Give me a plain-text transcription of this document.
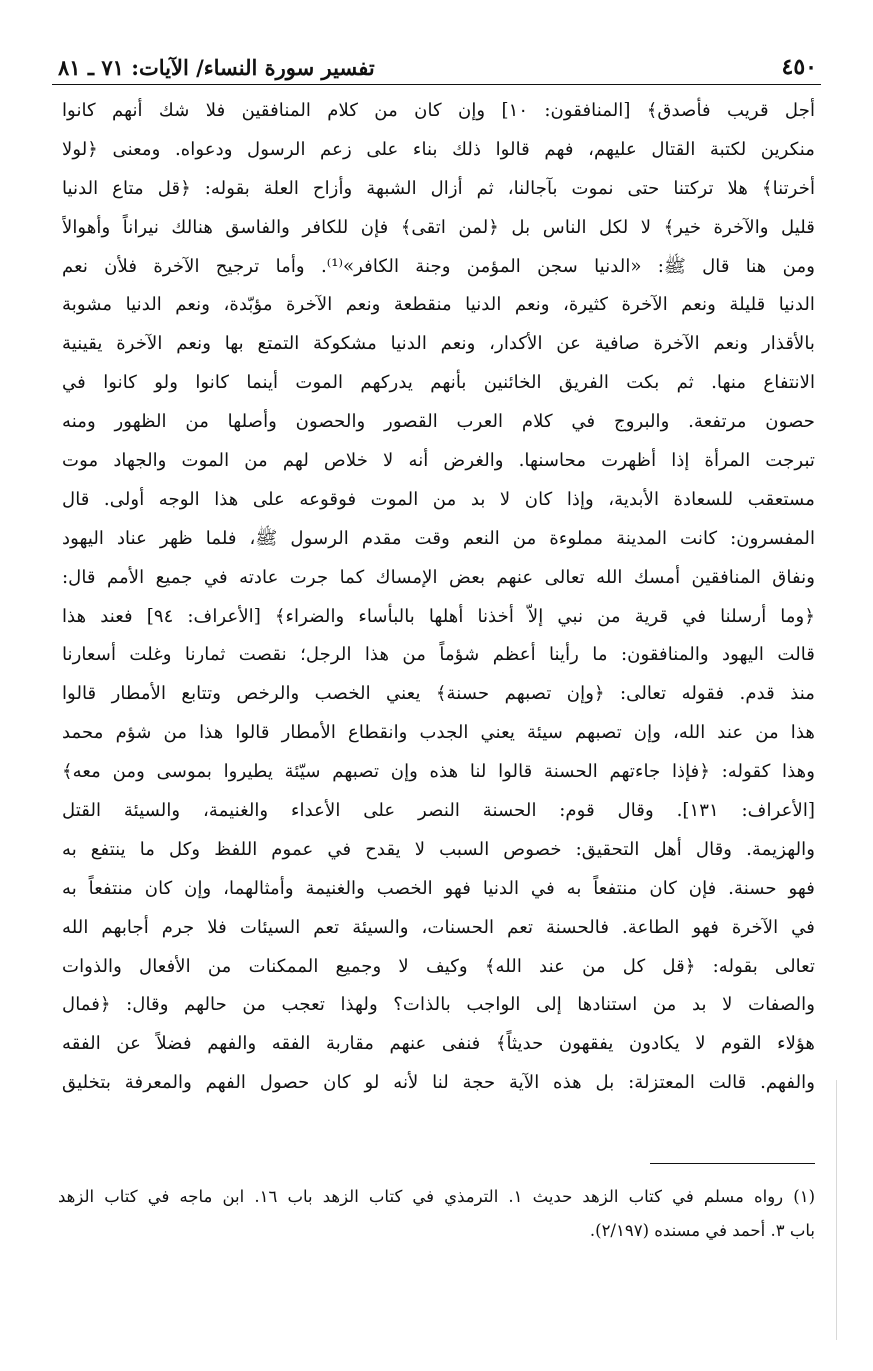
٤٥٠
تفسير سورة النساء/ الآيات: ٧١ ـ ٨١
أجل قريب فأصدق﴾ [المنافقون: ١٠] وإن كان من كلام المنافقين فلا شك أنهم كانوا
منكرين لكتبة القتال عليهم، فهم قالوا ذلك بناء على زعم الرسول ودعواه. ومعنى ﴿لولا
أخرتنا﴾ هلا تركتنا حتى نموت بآجالنا، ثم أزال الشبهة وأزاح العلة بقوله: ﴿قل متاع الدنيا
قليل والآخرة خير﴾ لا لكل الناس بل ﴿لمن اتقى﴾ فإن للكافر والفاسق هنالك نيراناً وأهوالاً
ومن هنا قال ﷺ: «الدنيا سجن المؤمن وجنة الكافر»⁽¹⁾. وأما ترجيح الآخرة فلأن نعم
الدنيا قليلة ونعم الآخرة كثيرة، ونعم الدنيا منقطعة ونعم الآخرة مؤبّدة، ونعم الدنيا مشوبة
بالأقذار ونعم الآخرة صافية عن الأكدار، ونعم الدنيا مشكوكة التمتع بها ونعم الآخرة يقينية
الانتفاع منها. ثم بكت الفريق الخائنين بأنهم يدركهم الموت أينما كانوا ولو كانوا في
حصون مرتفعة. والبروج في كلام العرب القصور والحصون وأصلها من الظهور ومنه
تبرجت المرأة إذا أظهرت محاسنها. والغرض أنه لا خلاص لهم من الموت والجهاد موت
مستعقب للسعادة الأبدية، وإذا كان لا بد من الموت فوقوعه على هذا الوجه أولى. قال
المفسرون: كانت المدينة مملوءة من النعم وقت مقدم الرسول ﷺ، فلما ظهر عناد اليهود
ونفاق المنافقين أمسك الله تعالى عنهم بعض الإمساك كما جرت عادته في جميع الأمم قال:
﴿وما أرسلنا في قرية من نبي إلاّ أخذنا أهلها بالبأساء والضراء﴾ [الأعراف: ٩٤] فعند هذا
قالت اليهود والمنافقون: ما رأينا أعظم شؤماً من هذا الرجل؛ نقصت ثمارنا وغلت أسعارنا
منذ قدم. فقوله تعالى: ﴿وإن تصبهم حسنة﴾ يعني الخصب والرخص وتتابع الأمطار قالوا
هذا من عند الله، وإن تصبهم سيئة يعني الجدب وانقطاع الأمطار قالوا هذا من شؤم محمد
وهذا كقوله: ﴿فإذا جاءتهم الحسنة قالوا لنا هذه وإن تصبهم سيّئة يطيروا بموسى ومن معه﴾
[الأعراف: ١٣١]. وقال قوم: الحسنة النصر على الأعداء والغنيمة، والسيئة القتل
والهزيمة. وقال أهل التحقيق: خصوص السبب لا يقدح في عموم اللفظ وكل ما ينتفع به
فهو حسنة. فإن كان منتفعاً به في الدنيا فهو الخصب والغنيمة وأمثالهما، وإن كان منتفعاً به
في الآخرة فهو الطاعة. فالحسنة تعم الحسنات، والسيئة تعم السيئات فلا جرم أجابهم الله
تعالى بقوله: ﴿قل كل من عند الله﴾ وكيف لا وجميع الممكنات من الأفعال والذوات
والصفات لا بد من استنادها إلى الواجب بالذات؟ ولهذا تعجب من حالهم وقال: ﴿فمال
هؤلاء القوم لا يكادون يفقهون حديثاً﴾ فنفى عنهم مقاربة الفقه والفهم فضلاً عن الفقه
والفهم. قالت المعتزلة: بل هذه الآية حجة لنا لأنه لو كان حصول الفهم والمعرفة بتخليق
(١) رواه مسلم في كتاب الزهد حديث ١. الترمذي في كتاب الزهد باب ١٦. ابن ماجه في كتاب الزهد
باب ٣. أحمد في مسنده (٢/١٩٧).
